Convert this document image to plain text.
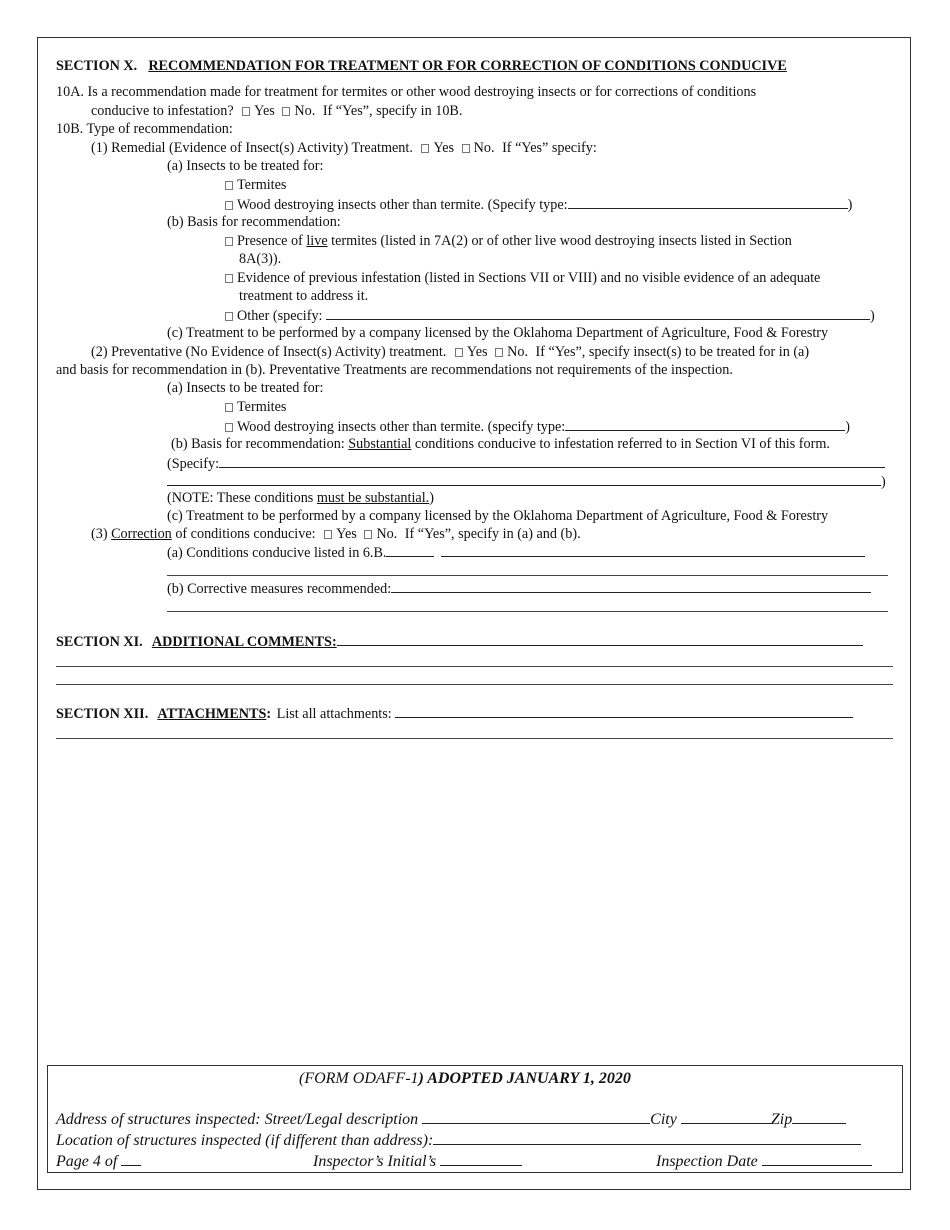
SECTION X. RECOMMENDATION FOR TREATMENT OR FOR CORRECTION OF CONDITIONS CONDUCIVE
10A. Is a recommendation made for treatment for termites or other wood destroying insects or for corrections of conditions
conducive to infestation? Yes No. If “Yes”, specify in 10B.
10B. Type of recommendation:
(1) Remedial (Evidence of Insect(s) Activity) Treatment. Yes No. If “Yes” specify:
(a) Insects to be treated for:
Termites
Wood destroying insects other than termite. (Specify type:	)
(b) Basis for recommendation:
Presence of live termites (listed in 7A(2) or of other live wood destroying insects listed in Section
8A(3)).
Evidence of previous infestation (listed in Sections VII or VIII) and no visible evidence of an adequate
treatment to address it.
Other (specify:	)
(c) Treatment to be performed by a company licensed by the Oklahoma Department of Agriculture, Food & Forestry
(2) Preventative (No Evidence of Insect(s) Activity) treatment. Yes No. If “Yes”, specify insect(s) to be treated for in (a)
and basis for recommendation in (b). Preventative Treatments are recommendations not requirements of the inspection.
(a) Insects to be treated for:
Termites
Wood destroying insects other than termite. (specify type:	)
(b) Basis for recommendation: Substantial conditions conducive to infestation referred to in Section VI of this form.
(Specify:
)
(NOTE: These conditions must be substantial.)
(c) Treatment to be performed by a company licensed by the Oklahoma Department of Agriculture, Food & Forestry
(3) Correction of conditions conducive: Yes No. If “Yes”, specify in (a) and (b).
(a) Conditions conducive listed in 6.B.
(b) Corrective measures recommended:
SECTION XI. ADDITIONAL COMMENTS:
SECTION XII. ATTACHMENTS: List all attachments:
(FORM ODAFF-1) ADOPTED JANUARY 1, 2020
Address of structures inspected: Street/Legal description	City	Zip
Location of structures inspected (if different than address):
Page 4 of	Inspector’s Initial’s	Inspection Date
